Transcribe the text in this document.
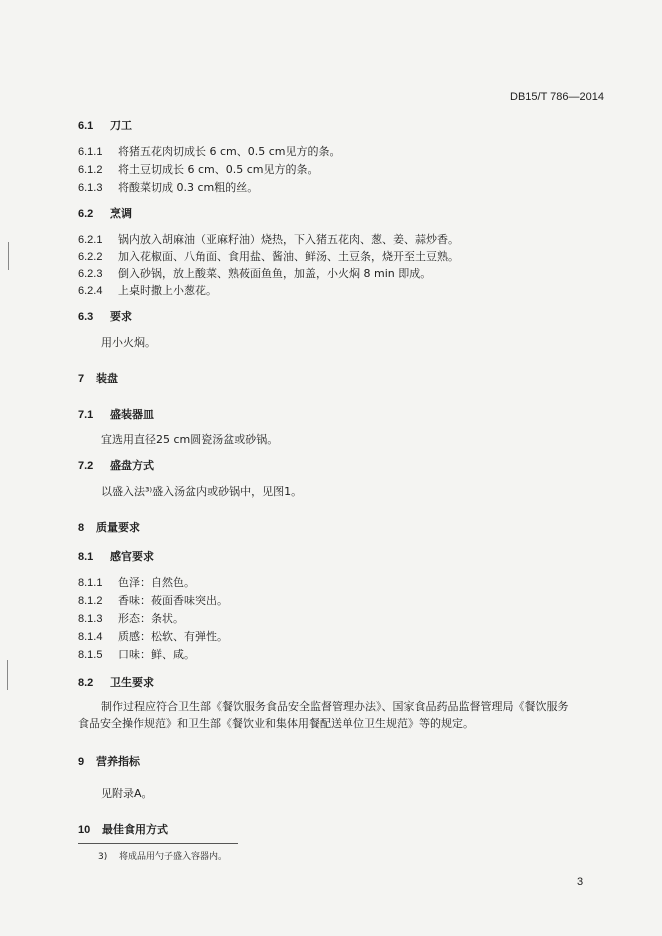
DB15/T 786—2014
6.1 刀工
6.1.1 将猪五花肉切成长 6 cm、0.5 cm见方的条。
6.1.2 将土豆切成长 6 cm、0.5 cm见方的条。
6.1.3 将酸菜切成 0.3 cm粗的丝。
6.2 烹调
6.2.1 锅内放入胡麻油（亚麻籽油）烧热，下入猪五花肉、葱、姜、蒜炒香。
6.2.2 加入花椒面、八角面、食用盐、酱油、鲜汤、土豆条，烧开至土豆熟。
6.2.3 倒入砂锅，放上酸菜、熟莜面鱼鱼，加盖，小火焖 8 min 即成。
6.2.4 上桌时撒上小葱花。
6.3 要求
用小火焖。
7 装盘
7.1 盛装器皿
宜选用直径25 cm圆瓷汤盆或砂锅。
7.2 盛盘方式
以盛入法³⁾盛入汤盆内或砂锅中，见图1。
8 质量要求
8.1 感官要求
8.1.1 色泽：自然色。
8.1.2 香味：莜面香味突出。
8.1.3 形态：条状。
8.1.4 质感：松软、有弹性。
8.1.5 口味：鲜、咸。
8.2 卫生要求
制作过程应符合卫生部《餐饮服务食品安全监督管理办法》、国家食品药品监督管理局《餐饮服务
食品安全操作规范》和卫生部《餐饮业和集体用餐配送单位卫生规范》等的规定。
9 营养指标
见附录A。
10 最佳食用方式
3) 将成品用勺子盛入容器内。
3
